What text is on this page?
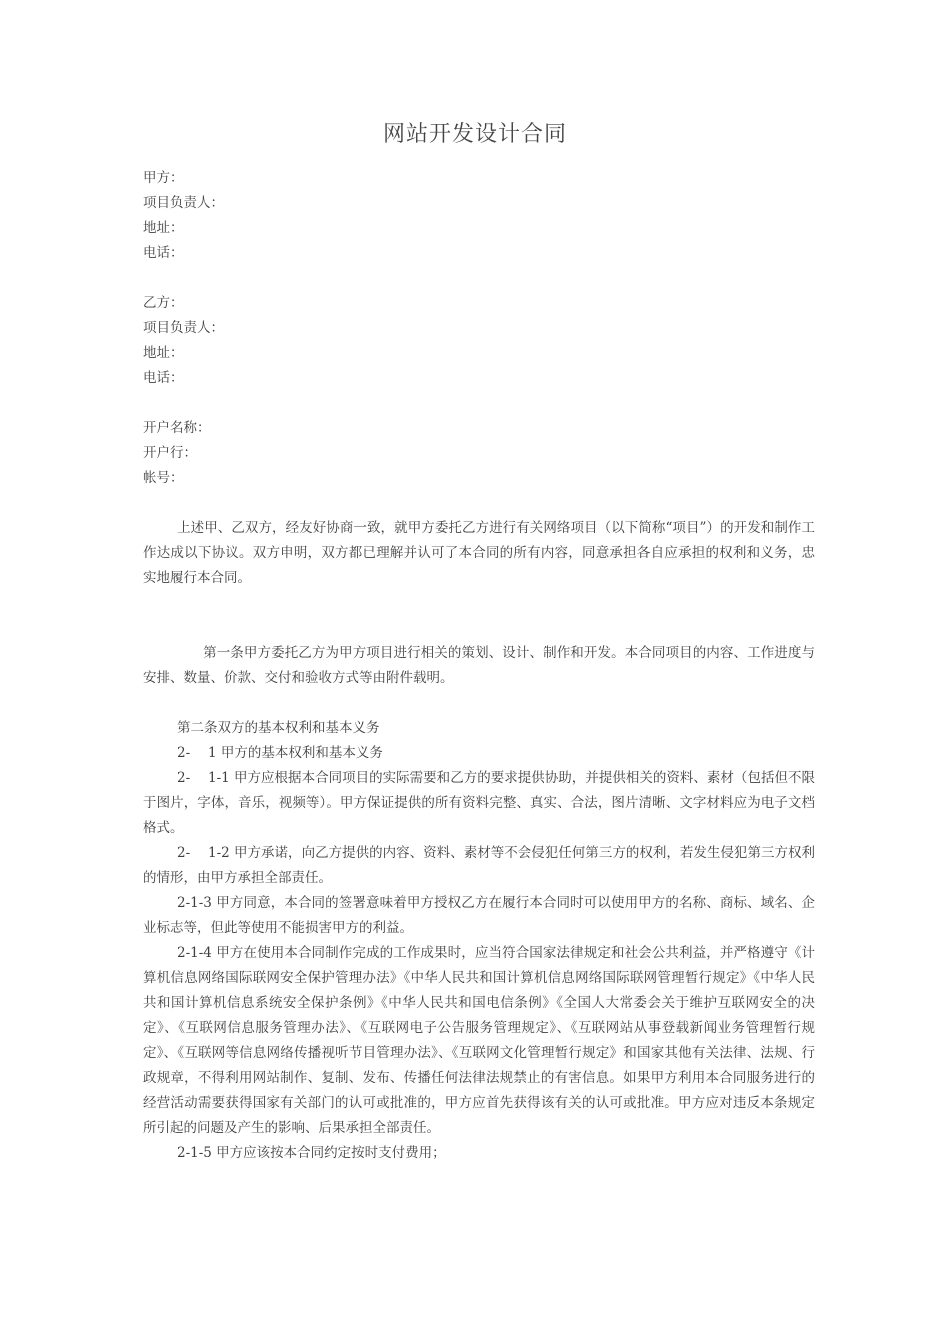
网站开发设计合同
甲方：
项目负责人：
地址：
电话：
乙方：
项目负责人：
地址：
电话：
开户名称：
开户行：
帐号：
上述甲、乙双方，经友好协商一致，就甲方委托乙方进行有关网络项目（以下简称“项目”）的开发和制作工作达成以下协议。双方申明，双方都已理解并认可了本合同的所有内容，同意承担各自应承担的权利和义务，忠实地履行本合同。
第一条甲方委托乙方为甲方项目进行相关的策划、设计、制作和开发。本合同项目的内容、工作进度与安排、数量、价款、交付和验收方式等由附件载明。
第二条双方的基本权利和基本义务
2-　 1 甲方的基本权利和基本义务
2-　 1-1 甲方应根据本合同项目的实际需要和乙方的要求提供协助，并提供相关的资料、素材（包括但不限于图片，字体，音乐，视频等）。甲方保证提供的所有资料完整、真实、合法，图片清晰、文字材料应为电子文档格式。
2-　 1-2 甲方承诺，向乙方提供的内容、资料、素材等不会侵犯任何第三方的权利，若发生侵犯第三方权利的情形，由甲方承担全部责任。
2-1-3 甲方同意，本合同的签署意味着甲方授权乙方在履行本合同时可以使用甲方的名称、商标、域名、企业标志等，但此等使用不能损害甲方的利益。
2-1-4 甲方在使用本合同制作完成的工作成果时，应当符合国家法律规定和社会公共利益，并严格遵守《计算机信息网络国际联网安全保护管理办法》《中华人民共和国计算机信息网络国际联网管理暂行规定》《中华人民共和国计算机信息系统安全保护条例》《中华人民共和国电信条例》《全国人大常委会关于维护互联网安全的决定》、《互联网信息服务管理办法》、《互联网电子公告服务管理规定》、《互联网站从事登载新闻业务管理暂行规定》、《互联网等信息网络传播视听节目管理办法》、《互联网文化管理暂行规定》和国家其他有关法律、法规、行政规章，不得利用网站制作、复制、发布、传播任何法律法规禁止的有害信息。如果甲方利用本合同服务进行的经营活动需要获得国家有关部门的认可或批准的，甲方应首先获得该有关的认可或批准。甲方应对违反本条规定所引起的问题及产生的影响、后果承担全部责任。
2-1-5 甲方应该按本合同约定按时支付费用；
